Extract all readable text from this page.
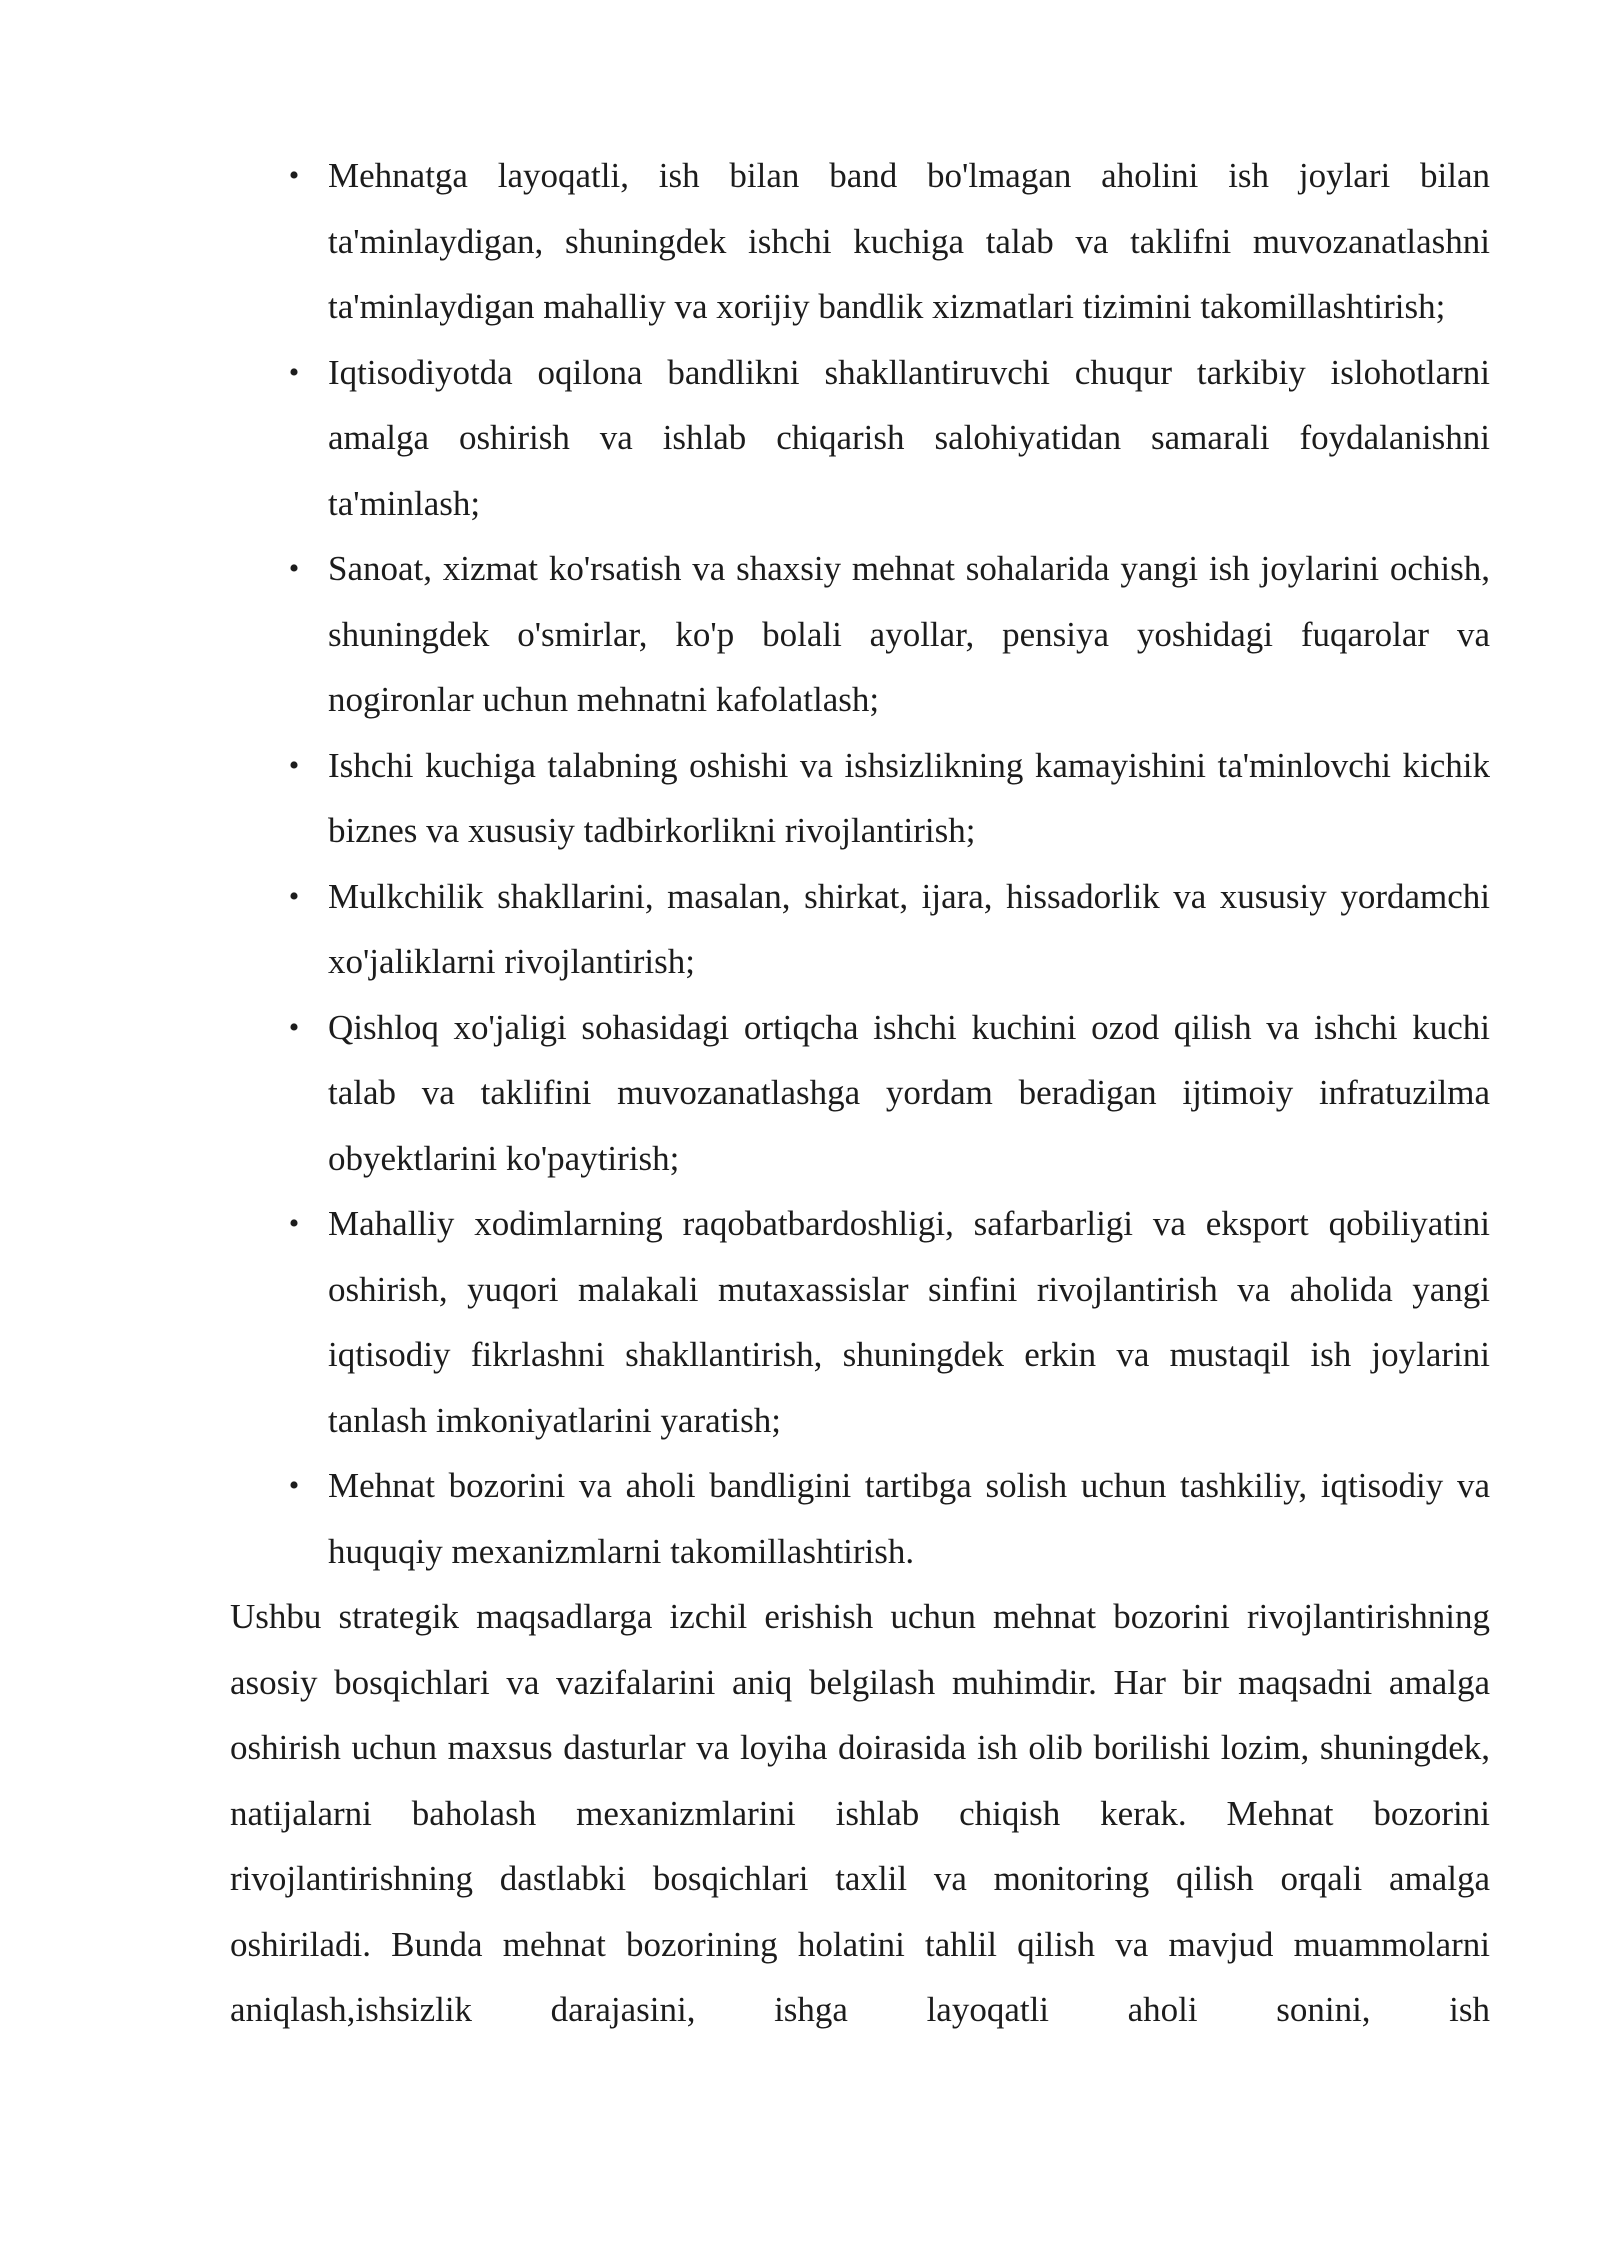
• Mehnatga layoqatli, ish bilan band bo'lmagan aholini ish joylari bilan ta'minlaydigan, shuningdek ishchi kuchiga talab va taklifni muvozanatlashni ta'minlaydigan mahalliy va xorijiy bandlik xizmatlari tizimini takomillashtirish;
• Iqtisodiyotda oqilona bandlikni shakllantiruvchi chuqur tarkibiy islohotlarni amalga oshirish va ishlab chiqarish salohiyatidan samarali foydalanishni ta'minlash;
• Sanoat, xizmat ko'rsatish va shaxsiy mehnat sohalarida yangi ish joylarini ochish, shuningdek o'smirlar, ko'p bolali ayollar, pensiya yoshidagi fuqarolar va nogironlar uchun mehnatni kafolatlash;
• Ishchi kuchiga talabning oshishi va ishsizlikning kamayishini ta'minlovchi kichik biznes va xususiy tadbirkorlikni rivojlantirish;
• Mulkchilik shakllarini, masalan, shirkat, ijara, hissadorlik va xususiy yordamchi xo'jaliklarni rivojlantirish;
• Qishloq xo'jaligi sohasidagi ortiqcha ishchi kuchini ozod qilish va ishchi kuchi talab va taklifini muvozanatlashga yordam beradigan ijtimoiy infratuzilma obyektlarini ko'paytirish;
• Mahalliy xodimlarning raqobatbardoshligi, safarbarligi va eksport qobiliyatini oshirish, yuqori malakali mutaxassislar sinfini rivojlantirish va aholida yangi iqtisodiy fikrlashni shakllantirish, shuningdek erkin va mustaqil ish joylarini tanlash imkoniyatlarini yaratish;
• Mehnat bozorini va aholi bandligini tartibga solish uchun tashkiliy, iqtisodiy va huquqiy mexanizmlarni takomillashtirish.

Ushbu strategik maqsadlarga izchil erishish uchun mehnat bozorini rivojlantirishning asosiy bosqichlari va vazifalarini aniq belgilash muhimdir. Har bir maqsadni amalga oshirish uchun maxsus dasturlar va loyiha doirasida ish olib borilishi lozim, shuningdek, natijalarni baholash mexanizmlarini ishlab chiqish kerak. Mehnat bozorini rivojlantirishning dastlabki bosqichlari taxlil va monitoring qilish orqali amalga oshiriladi. Bunda mehnat bozorining holatini tahlil qilish va mavjud muammolarni aniqlash,ishsizlik darajasini, ishga layoqatli aholi sonini, ish
